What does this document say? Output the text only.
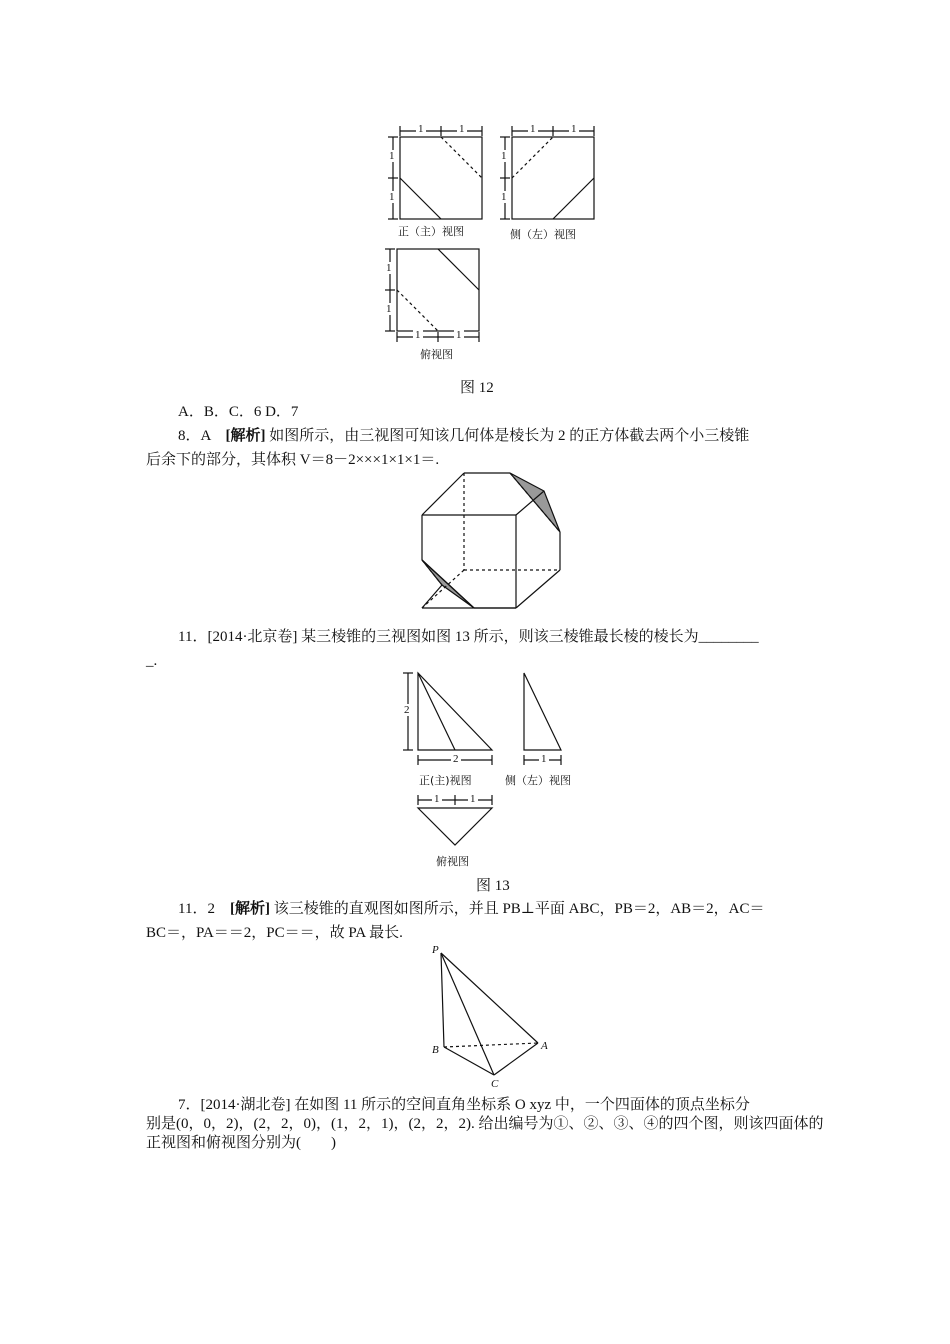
1	1
1
1
正（主）视图
1	1
1
1
侧（左）视图
1
1
1	1
俯视图
图 12
A．B．C．6 D．7
8．A　[解析] 如图所示，由三视图可知该几何体是棱长为 2 的正方体截去两个小三棱锥
后余下的部分，其体积 V＝8－2×××1×1×1＝.
11．[2014·北京卷] 某三棱锥的三视图如图 13 所示，则该三棱锥最长棱的棱长为________
_.
2
2	1
正(主)视图	侧（左）视图
1	1
俯视图
图 13
11．2　[解析] 该三棱锥的直观图如图所示，并且 PB⊥平面 ABC，PB＝2，AB＝2，AC＝
BC＝，PA＝＝2，PC＝＝，故 PA 最长.
P
B	A
C
7．[2014·湖北卷] 在如图 11 所示的空间直角坐标系 O xyz 中，一个四面体的顶点坐标分
别是(0，0，2)，(2，2，0)，(1，2，1)，(2，2，2). 给出编号为①、②、③、④的四个图，则该四面体的
正视图和俯视图分别为(　　)
